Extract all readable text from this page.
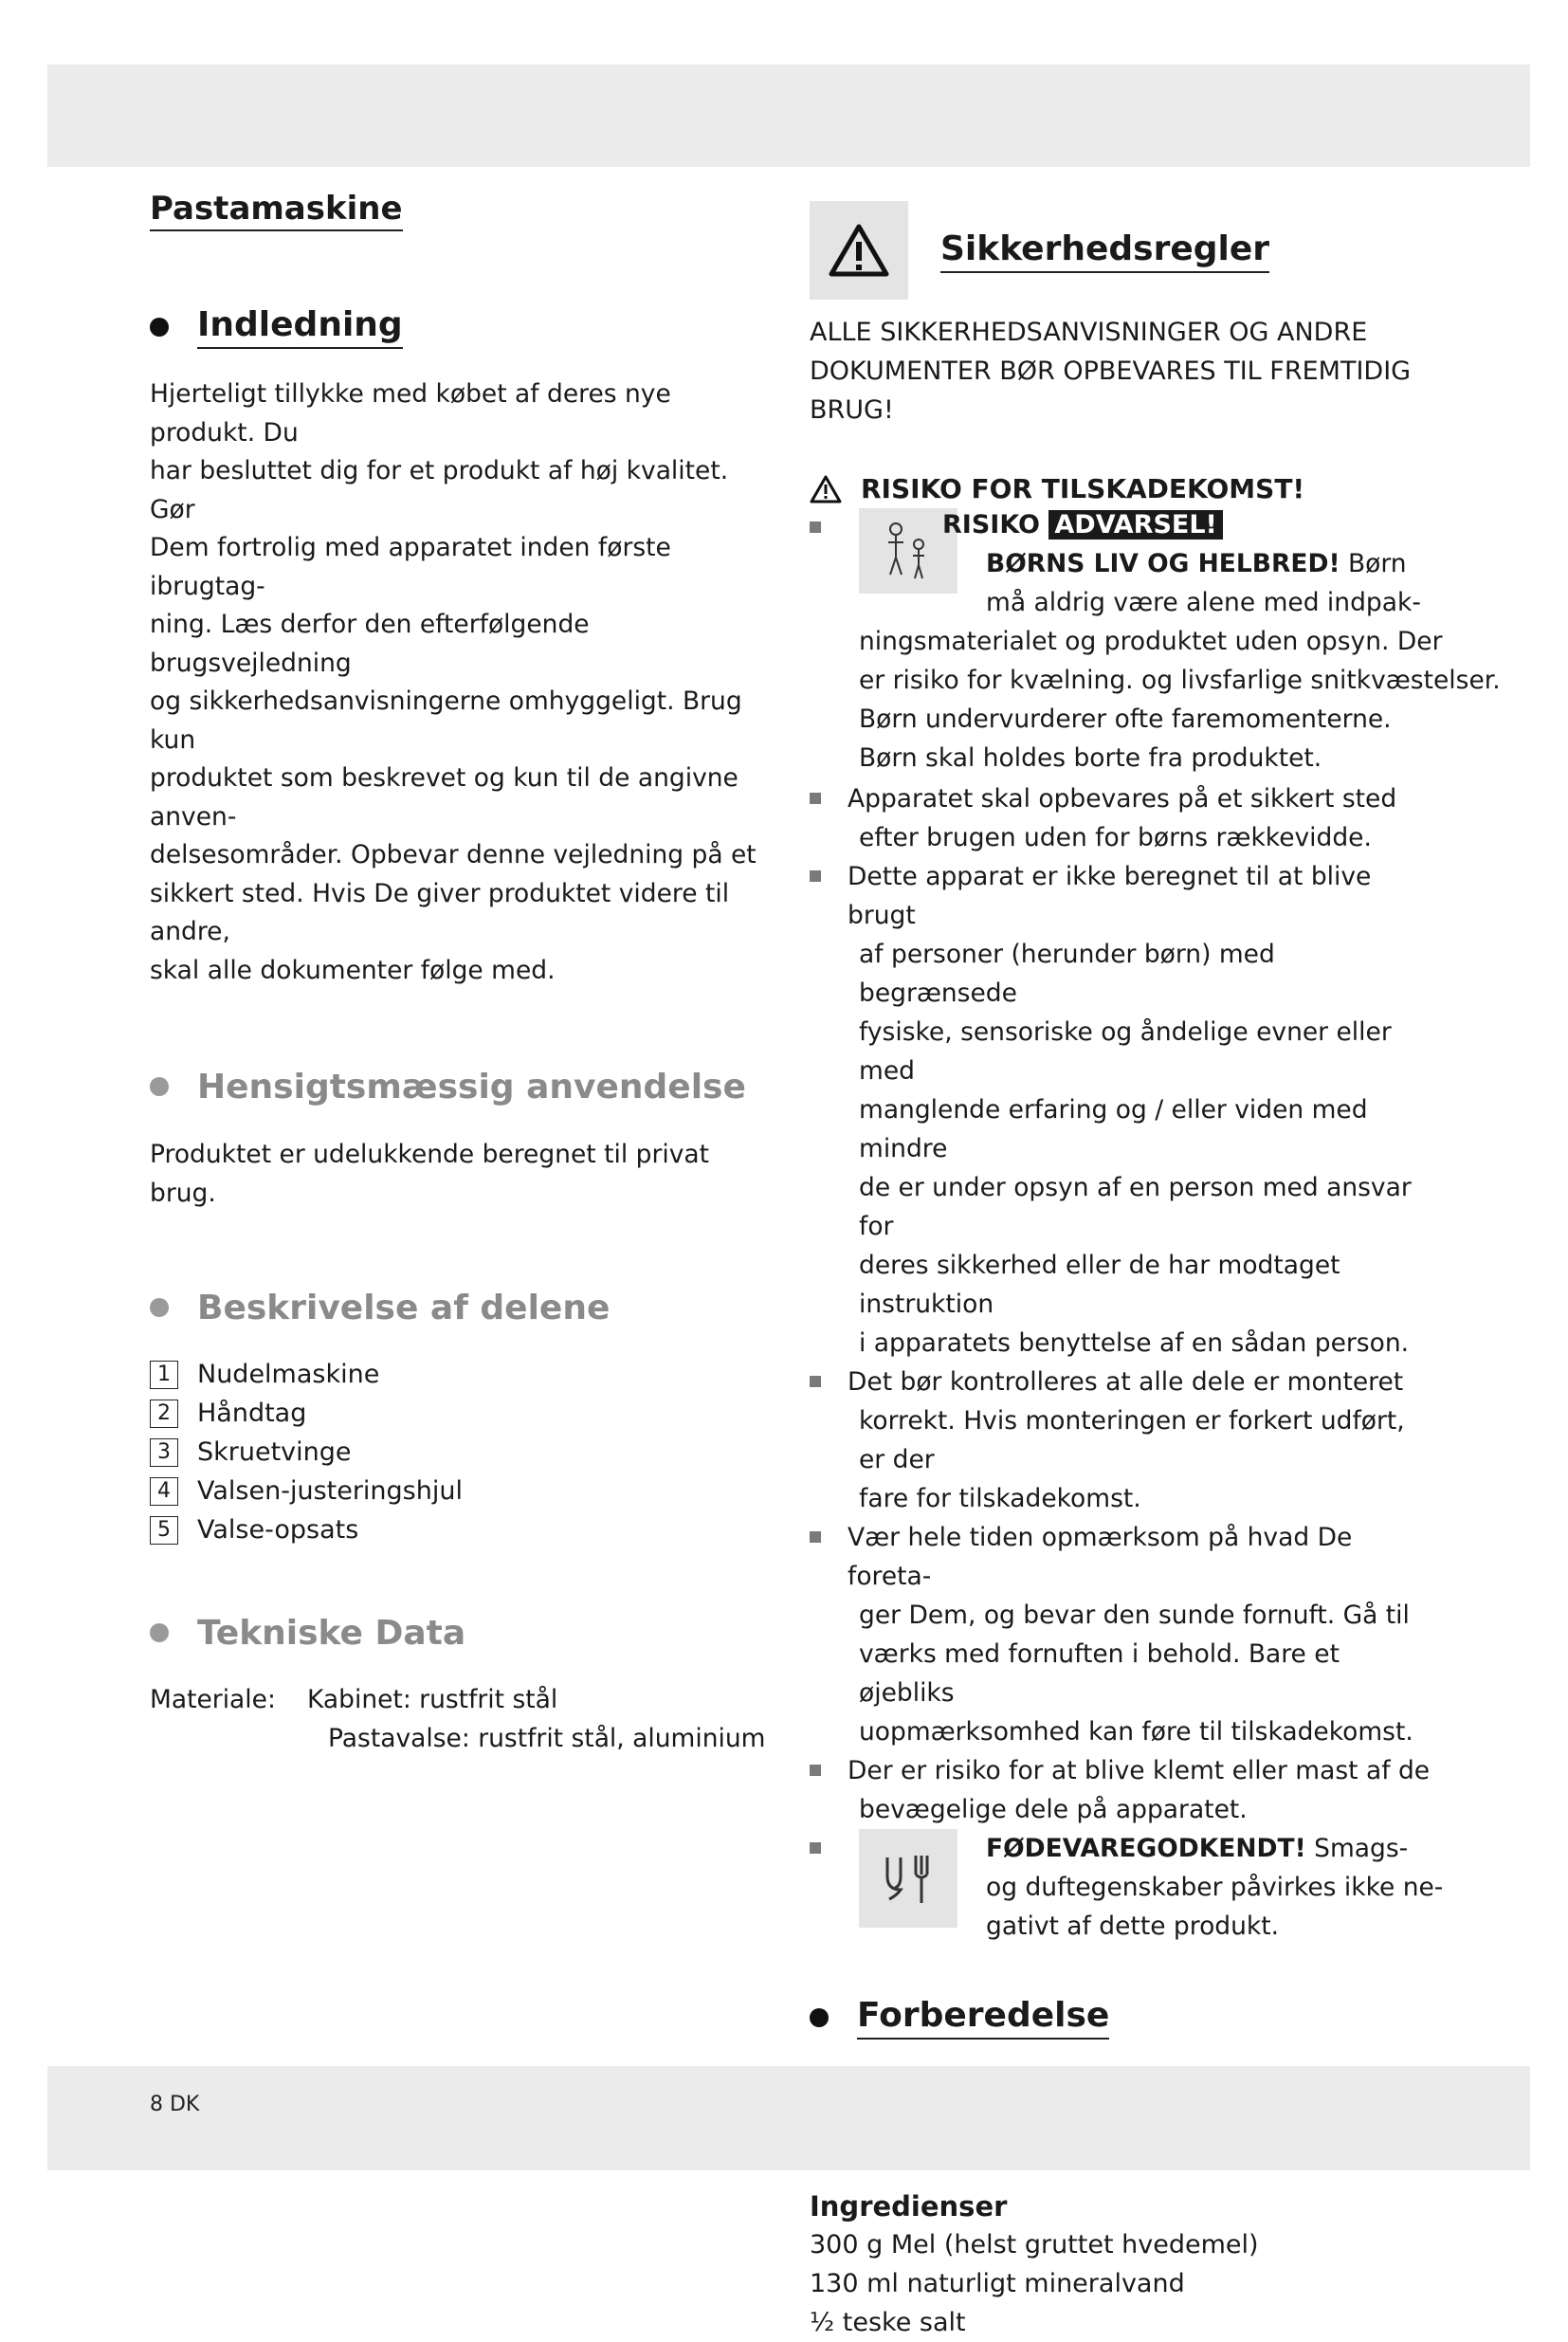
Pastamaskine
Indledning

Hjerteligt tillykke med købet af deres nye produkt. Du

har besluttet dig for et produkt af høj kvalitet. Gør

Dem fortrolig med apparatet inden første ibrugtag-

ning. Læs derfor den efterfølgende brugsvejledning

og sikkerhedsanvisningerne omhyggeligt. Brug kun

produktet som beskrevet og kun til de angivne anven-

delsesområder. Opbevar denne vejledning på et

sikkert sted. Hvis De giver produktet videre til andre,

skal alle dokumenter følge med.

Hensigtsmæssig anvendelse

Produktet er udelukkende beregnet til privat brug.

Beskrivelse af delene
1 Nudelmaskine
2 Håndtag
3 Skruetvinge
4 Valsen-justeringshjul
5 Valse-opsats
Tekniske Data
Materiale: Kabinet: rustfrit stål
Pastavalse: rustfrit stål, aluminium
Sikkerhedsregler

ALLE SIKKERHEDSANVISNINGER OG ANDRE

DOKUMENTER BØR OPBEVARES TIL FREMTIDIG

BRUG!

RISIKO FOR TILSKADEKOMST!
RISIKO ADVARSEL!
BØRNS LIV OG HELBRED! Børn
må aldrig være alene med indpak-
ningsmaterialet og produktet uden opsyn. Der
er risiko for kvælning. og livsfarlige snitkvæstelser.
Børn undervurderer ofte faremomenterne.
Børn skal holdes borte fra produktet.
Apparatet skal opbevares på et sikkert sted
efter brugen uden for børns rækkevidde.
Dette apparat er ikke beregnet til at blive brugt
af personer (herunder børn) med begrænsede
fysiske, sensoriske og åndelige evner eller med
manglende erfaring og / eller viden med mindre
de er under opsyn af en person med ansvar for
deres sikkerhed eller de har modtaget instruktion
i apparatets benyttelse af en sådan person.
Det bør kontrolleres at alle dele er monteret
korrekt. Hvis monteringen er forkert udført, er der
fare for tilskadekomst.
Vær hele tiden opmærksom på hvad De foreta-
ger Dem, og bevar den sunde fornuft. Gå til
værks med fornuften i behold. Bare et øjebliks
uopmærksomhed kan føre til tilskadekomst.
Der er risiko for at blive klemt eller mast af de
bevægelige dele på apparatet.
FØDEVAREGODKENDT! Smags-
og duftegenskaber påvirkes ikke ne-
gativt af dette produkt.
Forberedelse
Ingredienser
300 g Mel (helst gruttet hvedemel)
130 ml naturligt mineralvand
½ teske salt
8 DK
